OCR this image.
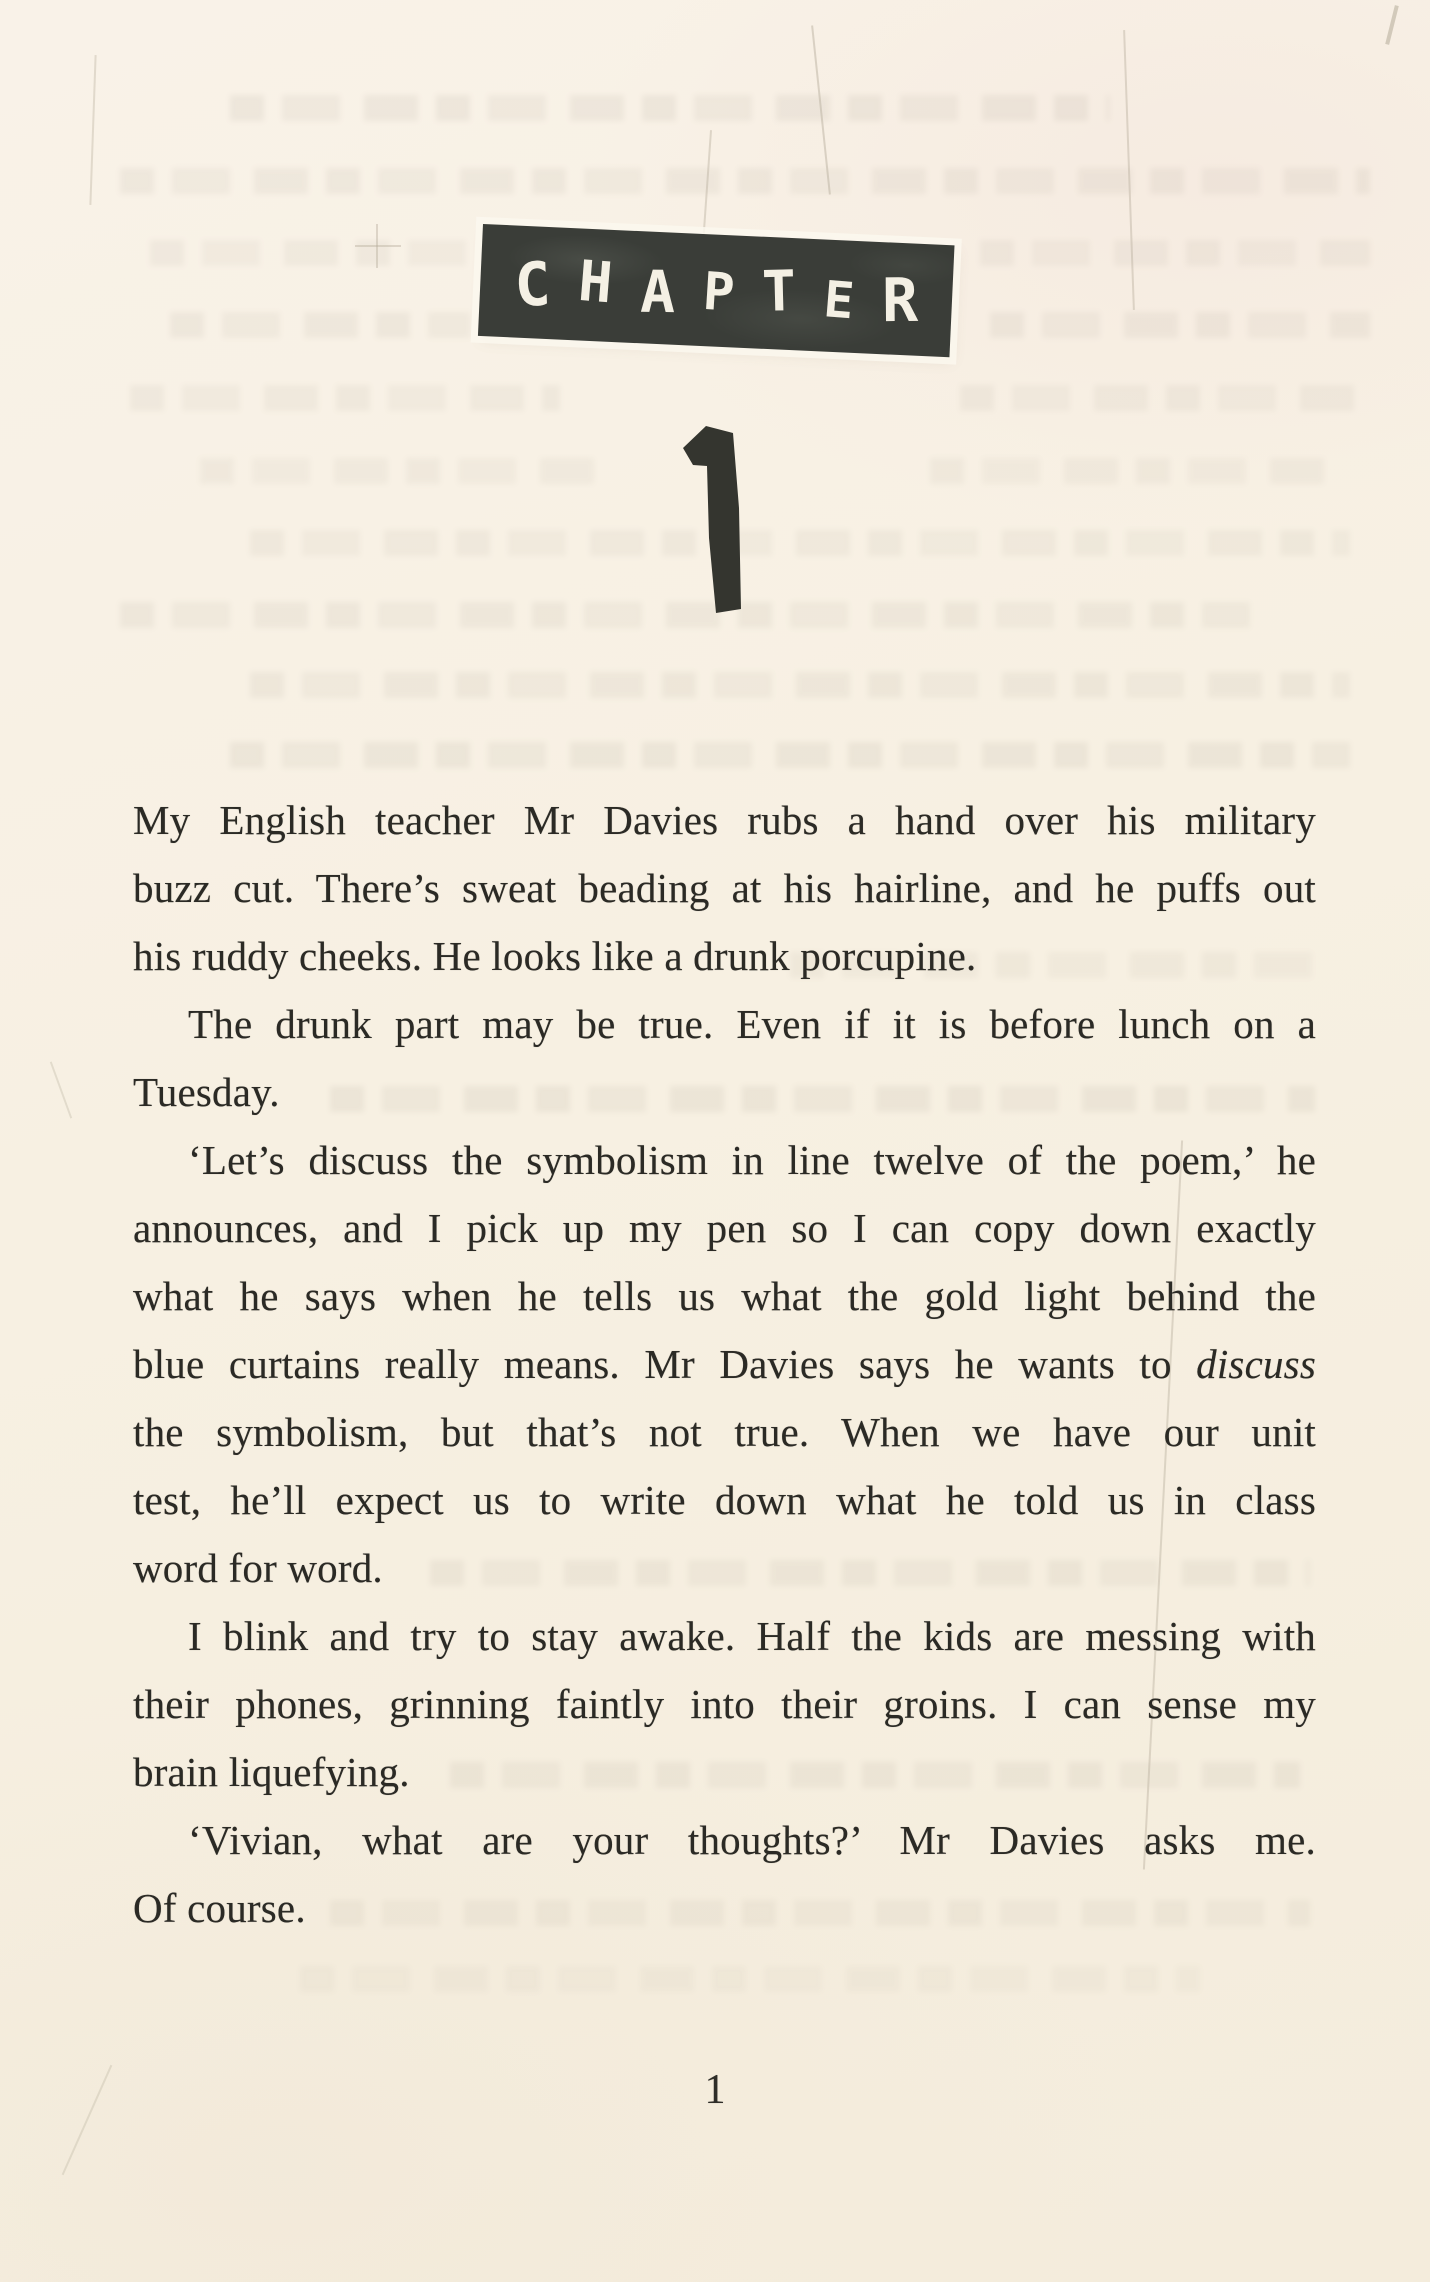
C H A P T E R
My English teacher Mr Davies rubs a hand over his military
buzz cut. There’s sweat beading at his hairline, and he puffs out
his ruddy cheeks. He looks like a drunk porcupine.
The drunk part may be true. Even if it is before lunch on a
Tuesday.
‘Let’s discuss the symbolism in line twelve of the poem,’ he
announces, and I pick up my pen so I can copy down exactly
what he says when he tells us what the gold light behind the
blue curtains really means. Mr Davies says he wants to discuss
the symbolism, but that’s not true. When we have our unit
test, he’ll expect us to write down what he told us in class
word for word.
I blink and try to stay awake. Half the kids are messing with
their phones, grinning faintly into their groins. I can sense my
brain liquefying.
‘Vivian, what are your thoughts?’ Mr Davies asks me.
Of course.
1
